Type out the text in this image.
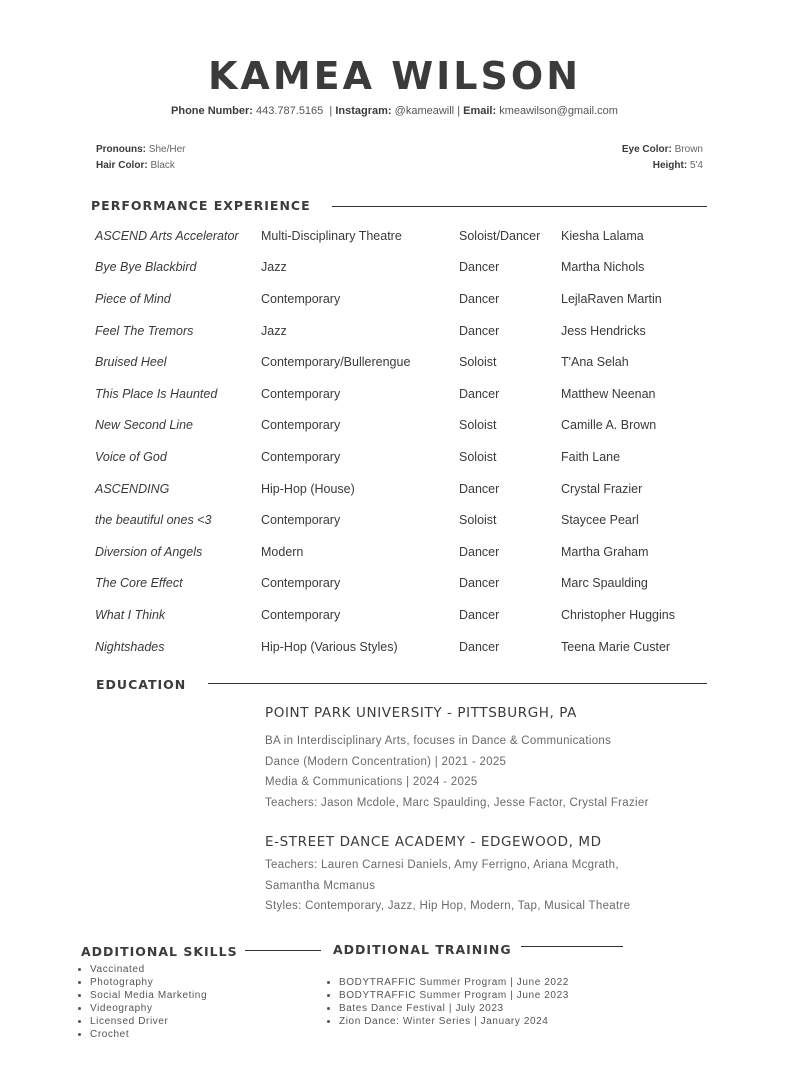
KAMEA WILSON
Phone Number: 443.787.5165 | Instagram: @kameawill | Email: kmeawilson@gmail.com
Pronouns: She/Her
Hair Color: Black
Eye Color: Brown
Height: 5'4
PERFORMANCE EXPERIENCE
ASCEND Arts Accelerator	Multi-Disciplinary Theatre	Soloist/Dancer	Kiesha Lalama
Bye Bye Blackbird	Jazz	Dancer	Martha Nichols
Piece of Mind	Contemporary	Dancer	LejlaRaven Martin
Feel The Tremors	Jazz	Dancer	Jess Hendricks
Bruised Heel	Contemporary/Bullerengue	Soloist	T'Ana Selah
This Place Is Haunted	Contemporary	Dancer	Matthew Neenan
New Second Line	Contemporary	Soloist	Camille A. Brown
Voice of God	Contemporary	Soloist	Faith Lane
ASCENDING	Hip-Hop (House)	Dancer	Crystal Frazier
the beautiful ones <3	Contemporary	Soloist	Staycee Pearl
Diversion of Angels	Modern	Dancer	Martha Graham
The Core Effect	Contemporary	Dancer	Marc Spaulding
What I Think	Contemporary	Dancer	Christopher Huggins
Nightshades	Hip-Hop (Various Styles)	Dancer	Teena Marie Custer
EDUCATION
POINT PARK UNIVERSITY - PITTSBURGH, PA
BA in Interdisciplinary Arts, focuses in Dance & Communications
Dance (Modern Concentration) | 2021 - 2025
Media & Communications | 2024 - 2025
Teachers: Jason Mcdole, Marc Spaulding, Jesse Factor, Crystal Frazier
E-STREET DANCE ACADEMY - EDGEWOOD, MD
Teachers: Lauren Carnesi Daniels, Amy Ferrigno, Ariana Mcgrath,
Samantha Mcmanus
Styles: Contemporary, Jazz, Hip Hop, Modern, Tap, Musical Theatre
ADDITIONAL SKILLS
• Vaccinated
• Photography
• Social Media Marketing
• Videography
• Licensed Driver
• Crochet
ADDITIONAL TRAINING
• BODYTRAFFIC Summer Program | June 2022
• BODYTRAFFIC Summer Program | June 2023
• Bates Dance Festival | July 2023
• Zion Dance: Winter Series | January 2024
